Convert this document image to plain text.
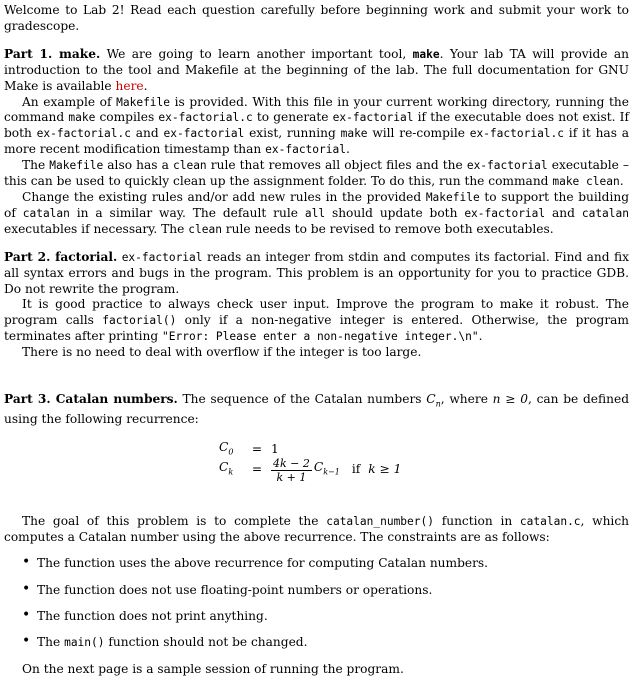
Welcome to Lab 2! Read each question carefully before beginning work and submit your work to gradescope.

Part 1. make. We are going to learn another important tool, make. Your lab TA will provide an introduction to the tool and Makefile at the beginning of the lab. The full documentation for GNU Make is available here.

An example of Makefile is provided. With this file in your current working directory, running the command make compiles ex-factorial.c to generate ex-factorial if the executable does not exist. If both ex-factorial.c and ex-factorial exist, running make will re-compile ex-factorial.c if it has a more recent modification timestamp than ex-factorial.

The Makefile also has a clean rule that removes all object files and the ex-factorial executable – this can be used to quickly clean up the assignment folder. To do this, run the command make clean.

Change the existing rules and/or add new rules in the provided Makefile to support the building of catalan in a similar way. The default rule all should update both ex-factorial and catalan executables if necessary. The clean rule needs to be revised to remove both executables.

Part 2. factorial. ex-factorial reads an integer from stdin and computes its factorial. Find and fix all syntax errors and bugs in the program. This problem is an opportunity for you to practice GDB. Do not rewrite the program.

It is good practice to always check user input. Improve the program to make it robust. The program calls factorial() only if a non-negative integer is entered. Otherwise, the program terminates after printing "Error: Please enter a non-negative integer.\n".

There is no need to deal with overflow if the integer is too large.

Part 3. Catalan numbers. The sequence of the Catalan numbers $C_n$, where n ≥ 0, can be defined using the following recurrence:

$C_0$	= 1
$C_k$	= $\frac{4k - 2}{k + 1} C_{k-1}$ if k ≥ 1

The goal of this problem is to complete the catalan_number() function in catalan.c, which computes a Catalan number using the above recurrence. The constraints are as follows:

• The function uses the above recurrence for computing Catalan numbers.
• The function does not use floating-point numbers or operations.
• The function does not print anything.
• The main() function should not be changed.

On the next page is a sample session of running the program.
